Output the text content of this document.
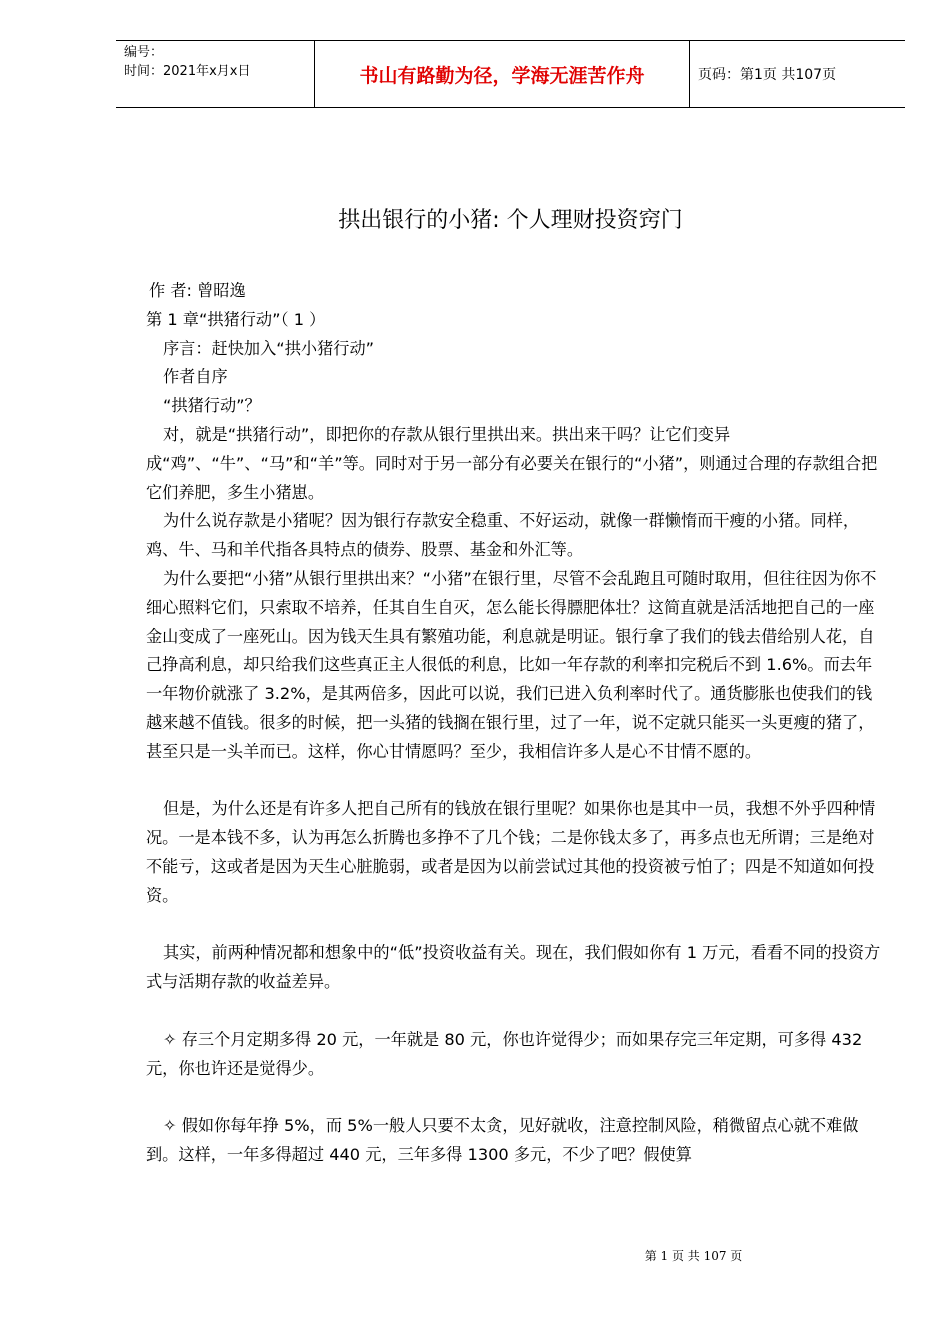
编号：
时间：2021年x月x日	书山有路勤为径，学海无涯苦作舟	页码：第1页 共107页
拱出银行的小猪: 个人理财投资窍门

作 者: 曾昭逸

第 1 章“拱猪行动”（ 1 ）

序言：赶快加入“拱小猪行动”

作者自序

“拱猪行动”？

对，就是“拱猪行动”，即把你的存款从银行里拱出来。拱出来干吗？让它们变异成“鸡”、“牛”、“马”和“羊”等。同时对于另一部分有必要关在银行的“小猪”，则通过合理的存款组合把它们养肥，多生小猪崽。

为什么说存款是小猪呢？因为银行存款安全稳重、不好运动，就像一群懒惰而干瘦的小猪。同样，鸡、牛、马和羊代指各具特点的债券、股票、基金和外汇等。

为什么要把“小猪”从银行里拱出来？“小猪”在银行里，尽管不会乱跑且可随时取用，但往往因为你不细心照料它们，只索取不培养，任其自生自灭，怎么能长得膘肥体壮？这简直就是活活地把自己的一座金山变成了一座死山。因为钱天生具有繁殖功能，利息就是明证。银行拿了我们的钱去借给别人花，自己挣高利息，却只给我们这些真正主人很低的利息，比如一年存款的利率扣完税后不到 1.6%。而去年一年物价就涨了 3.2%，是其两倍多，因此可以说，我们已进入负利率时代了。通货膨胀也使我们的钱越来越不值钱。很多的时候，把一头猪的钱搁在银行里，过了一年，说不定就只能买一头更瘦的猪了，甚至只是一头羊而已。这样，你心甘情愿吗？至少，我相信许多人是心不甘情不愿的。

但是，为什么还是有许多人把自己所有的钱放在银行里呢？如果你也是其中一员，我想不外乎四种情况。一是本钱不多，认为再怎么折腾也多挣不了几个钱；二是你钱太多了，再多点也无所谓；三是绝对不能亏，这或者是因为天生心脏脆弱，或者是因为以前尝试过其他的投资被亏怕了；四是不知道如何投资。

其实，前两种情况都和想象中的“低”投资收益有关。现在，我们假如你有 1 万元，看看不同的投资方式与活期存款的收益差异。

✧ 存三个月定期多得 20 元，一年就是 80 元，你也许觉得少；而如果存完三年定期，可多得 432 元，你也许还是觉得少。

✧ 假如你每年挣 5%，而 5%一般人只要不太贪，见好就收，注意控制风险，稍微留点心就不难做到。这样，一年多得超过 440 元，三年多得 1300 多元，不少了吧？假使算

第 1 页 共 107 页
